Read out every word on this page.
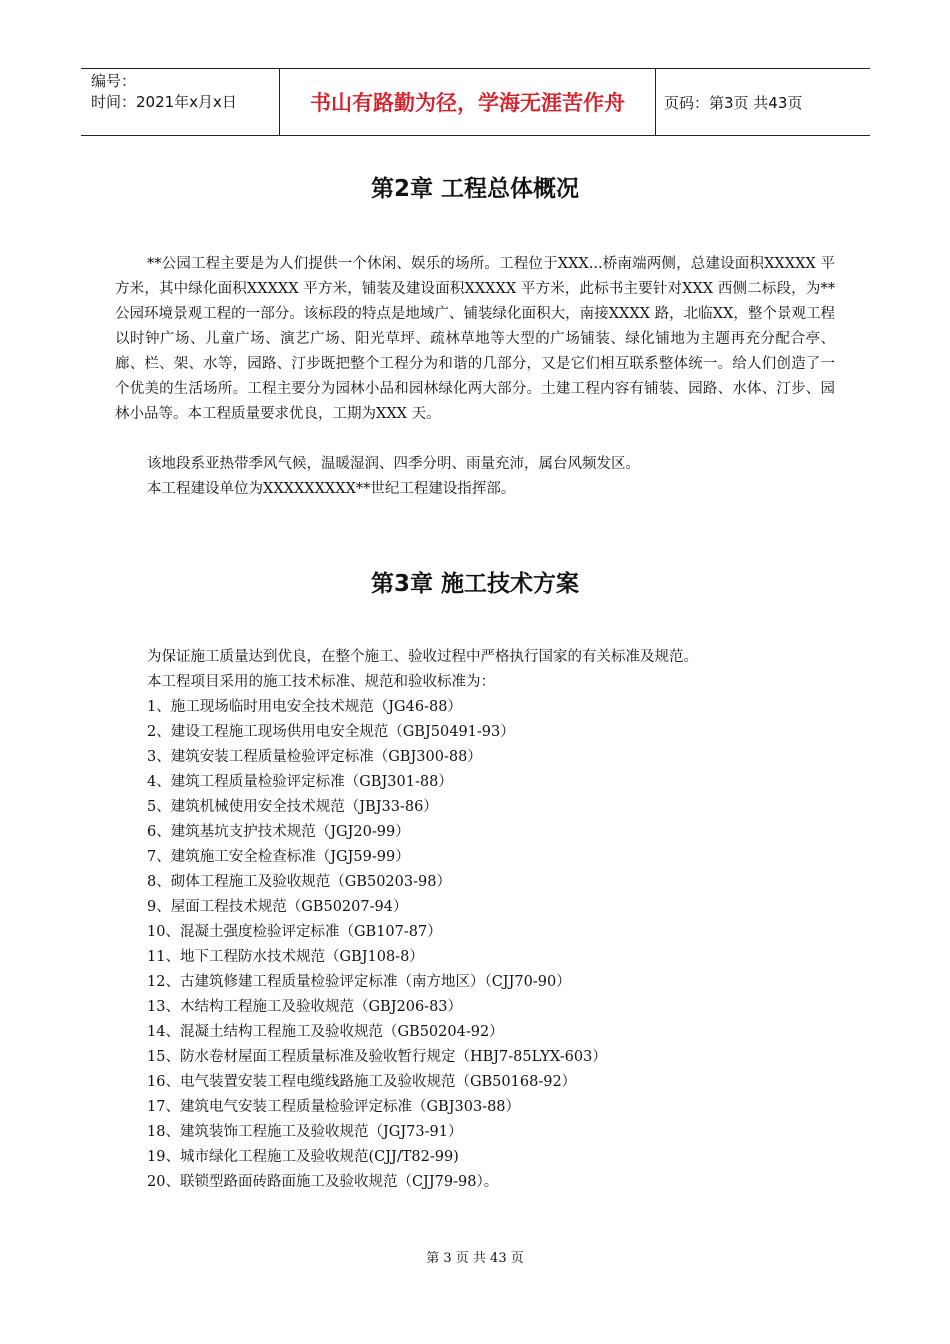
编号：
时间：2021年x月x日	书山有路勤为径，学海无涯苦作舟	页码：第3页 共43页
第2章 工程总体概况

**公园工程主要是为人们提供一个休闲、娱乐的场所。工程位于XXX...桥南端两侧，总建设面积XXXXX 平方米，其中绿化面积XXXXX 平方米，铺装及建设面积XXXXX 平方米，此标书主要针对XXX 西侧二标段，为**公园环境景观工程的一部分。该标段的特点是地域广、铺装绿化面积大，南接XXXX 路，北临XX，整个景观工程以时钟广场、儿童广场、演艺广场、阳光草坪、疏林草地等大型的广场铺装、绿化铺地为主题再充分配合亭、廊、栏、架、水等，园路、汀步既把整个工程分为和谐的几部分，又是它们相互联系整体统一。给人们创造了一个优美的生活场所。工程主要分为园林小品和园林绿化两大部分。土建工程内容有铺装、园路、水体、汀步、园林小品等。本工程质量要求优良，工期为XXX 天。

该地段系亚热带季风气候，温暖湿润、四季分明、雨量充沛，属台风频发区。

本工程建设单位为XXXXXXXXX**世纪工程建设指挥部。

第3章 施工技术方案
为保证施工质量达到优良，在整个施工、验收过程中严格执行国家的有关标准及规范。
本工程项目采用的施工技术标准、规范和验收标准为：
1、施工现场临时用电安全技术规范（JG46-88）
2、建设工程施工现场供用电安全规范（GBJ50491-93）
3、建筑安装工程质量检验评定标准（GBJ300-88）
4、建筑工程质量检验评定标准（GBJ301-88）
5、建筑机械使用安全技术规范（JBJ33-86）
6、建筑基坑支护技术规范（JGJ20-99）
7、建筑施工安全检查标准（JGJ59-99）
8、砌体工程施工及验收规范（GB50203-98）
9、屋面工程技术规范（GB50207-94）
10、混凝土强度检验评定标准（GB107-87）
11、地下工程防水技术规范（GBJ108-8）
12、古建筑修建工程质量检验评定标准（南方地区）（CJJ70-90）
13、木结构工程施工及验收规范（GBJ206-83）
14、混凝土结构工程施工及验收规范（GB50204-92）
15、防水卷材屋面工程质量标准及验收暂行规定（HBJ7-85LYX-603）
16、电气装置安装工程电缆线路施工及验收规范（GB50168-92）
17、建筑电气安装工程质量检验评定标准（GBJ303-88）
18、建筑装饰工程施工及验收规范（JGJ73-91）
19、城市绿化工程施工及验收规范(CJJ/T82-99)
20、联锁型路面砖路面施工及验收规范（CJJ79-98）。
第 3 页 共 43 页
